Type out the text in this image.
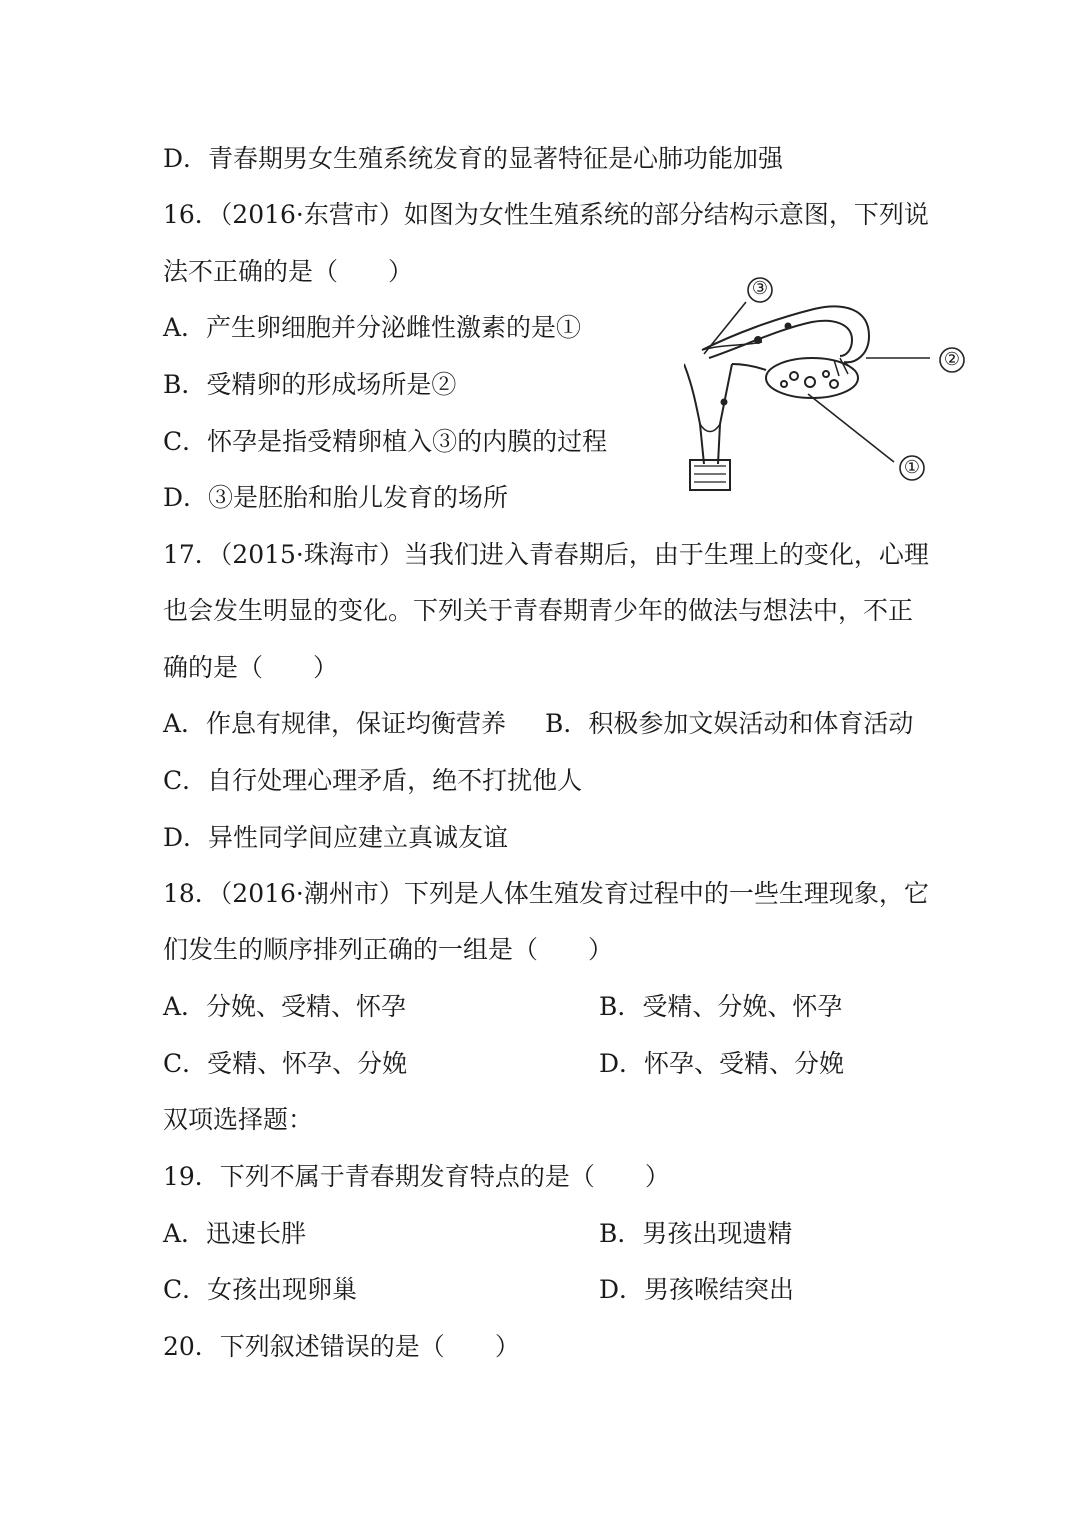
D．青春期男女生殖系统发育的显著特征是心肺功能加强
16．（2016·东营市）如图为女性生殖系统的部分结构示意图，下列说
法不正确的是（　　）
A．产生卵细胞并分泌雌性激素的是①
B．受精卵的形成场所是②
C．怀孕是指受精卵植入③的内膜的过程
D．③是胚胎和胎儿发育的场所
17．（2015·珠海市）当我们进入青春期后，由于生理上的变化，心理
也会发生明显的变化。下列关于青春期青少年的做法与想法中，不正
确的是（　　）
A．作息有规律，保证均衡营养 B．积极参加文娱活动和体育活动
C．自行处理心理矛盾，绝不打扰他人
D．异性同学间应建立真诚友谊
18．（2016·潮州市）下列是人体生殖发育过程中的一些生理现象，它
们发生的顺序排列正确的一组是（　　）
A．分娩、受精、怀孕	B．受精、分娩、怀孕
C．受精、怀孕、分娩	D．怀孕、受精、分娩
双项选择题：
19．下列不属于青春期发育特点的是（　　）
A．迅速长胖	B．男孩出现遗精
C．女孩出现卵巢	D．男孩喉结突出
20．下列叙述错误的是（　　）
③
②
①
